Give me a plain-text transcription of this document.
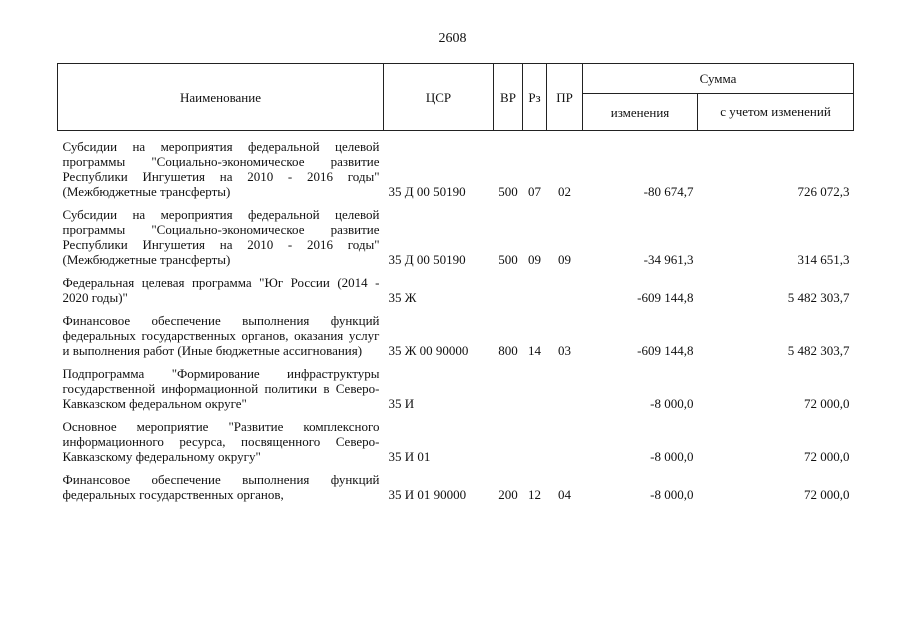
2608
Наименование	ЦСР	ВР	Рз	ПР	Сумма	
					изменения	с учетом изменений
Субсидии на мероприятия федеральной целевой программы "Социально-экономическое развитие Республики Ингушетия на 2010 - 2016 годы" (Межбюджетные трансферты)	35 Д 00 50190	500	07	02	-80 674,7	726 072,3
Субсидии на мероприятия федеральной целевой программы "Социально-экономическое развитие Республики Ингушетия на 2010 - 2016 годы" (Межбюджетные трансферты)	35 Д 00 50190	500	09	09	-34 961,3	314 651,3
Федеральная целевая программа "Юг России (2014 - 2020 годы)"	35 Ж				-609 144,8	5 482 303,7
Финансовое обеспечение выполнения функций федеральных государственных органов, оказания услуг и выполнения работ (Иные бюджетные ассигнования)	35 Ж 00 90000	800	14	03	-609 144,8	5 482 303,7
Подпрограмма "Формирование инфраструктуры государственной информационной политики в Северо-Кавказском федеральном округе"	35 И				-8 000,0	72 000,0
Основное мероприятие "Развитие комплексного информационного ресурса, посвященного Северо-Кавказскому федеральному округу"	35 И 01				-8 000,0	72 000,0
Финансовое обеспечение выполнения функций федеральных государственных органов,	35 И 01 90000	200	12	04	-8 000,0	72 000,0
